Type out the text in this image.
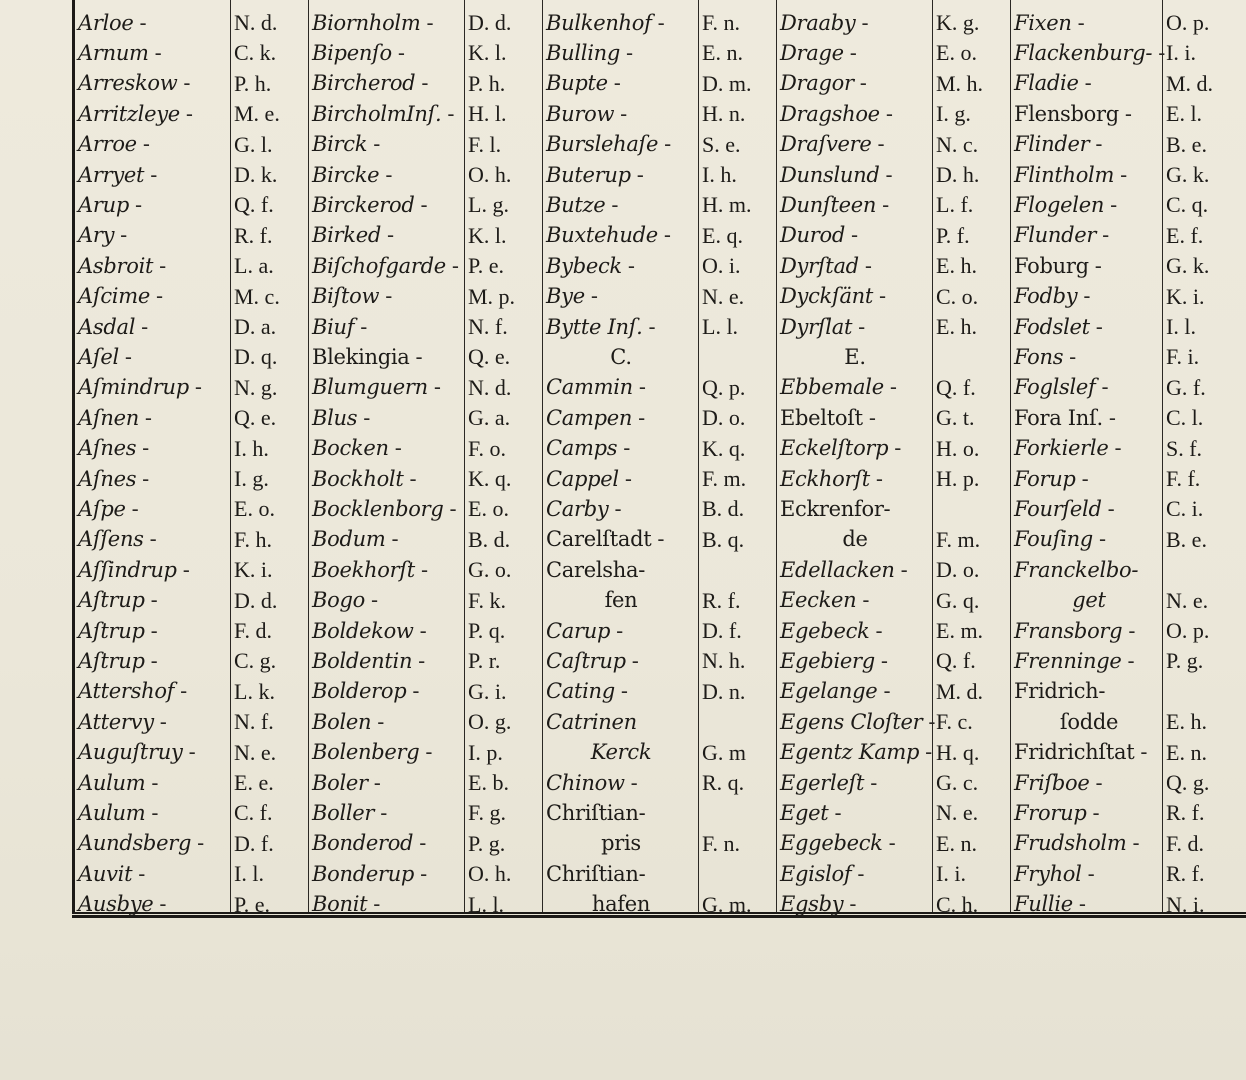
Arloe -	N. d.
Arnum -	C. k.
Arreskow - P. h.
Arritzleye - M. e.
Arroe -	G. l.
Arryet -	D. k.
Arup -	Q. f.
Ary -	R. f.
Asbroit -	L. a.
Aſcime -	M. c.
Asdal -	D. a.
Aſel -	D. q.
Aſmindrup - N. g.
Aſnen -	Q. e.
Aſnes -	I. h.
Aſnes -	I. g.
Aſpe -	E. o.
Aſſens -	F. h.
Aſſindrup - K. i.
Aſtrup -	D. d.
Aſtrup -	F. d.
Aſtrup -	C. g.
Attershof - L. k.
Attervy -	N. f.
Auguſtruy - N. e.
Aulum -	E. e.
Aulum -	C. f.
Aundsberg - D. f.
Auvit -	I. l.
Ausbye -	P. e.
Biornholm - D. d.
Bipenſo -	K. l.
Bircherod - P. h.
BircholmInſ. - H. l.
Birck -	F. l.
Bircke -	O. h.
Birckerod - L. g.
Birked -	K. l.
Biſchofgarde - P. e.
Biſtow -	M. p.
Biuf -	N. f.
Blekingia - Q. e.
Blumguern - N. d.
Blus -	G. a.
Bocken -	F. o.
Bockholt - K. q.
Bocklenborg - E. o.
Bodum -	B. d.
Boekhorſt - G. o.
Bogo -	F. k.
Boldekow - P. q.
Boldentin - P. r.
Bolderop - G. i.
Bolen -	O. g.
Bolenberg - I. p.
Boler -	E. b.
Boller -	F. g.
Bonderod - P. g.
Bonderup - O. h.
Bonit -	L. l.
Bulkenhof - F. n.
Bulling -	E. n.
Bupte -	D. m.
Burow -	H. n.
Burslehaſe - S. e.
Buterup -	I. h.
Butze -	H. m.
Buxtehude - E. q.
Bybeck -	O. i.
Bye -	N. e.
Bytte Inſ. - L. l.
C.
Cammin -	Q. p.
Campen -	D. o.
Camps -	K. q.
Cappel -	F. m.
Carby -	B. d.
Carelſtadt - B. q.
Carelsha-
fen	R. f.
Carup -	D. f.
Caſtrup -	N. h.
Cating -	D. n.
Catrinen
Kerck G. m
Chinow -	R. q.
Chriſtian-
pris	F. n.
Chriſtian-
hafen G. m.
Draaby -	K. g.
Drage -	E. o.
Dragor -	M. h.
Dragshoe - I. g.
Draſvere - N. c.
Dunslund - D. h.
Dunſteen - L. f.
Durod -	P. f.
Dyrſtad -	E. h.
Dyckſänt - C. o.
Dyrſlat -	E. h.
E.
Ebbemale - Q. f.
Ebeltoſt -	G. t.
Eckelſtorp - H. o.
Eckhorſt - H. p.
Eckrenfor-
de	F. m.
Edellacken - D. o.
Eecken -	G. q.
Egebeck - E. m.
Egebierg - Q. f.
Egelange - M. d.
Egens Cloſter - F. c.
Egentz Kamp - H. q.
Egerleſt -	G. c.
Eget -	N. e.
Eggebeck - E. n.
Egislof -	I. i.
Egsby -	C. h.
Fixen -	O. p.
Flackenburg- - I. i.
Fladie -	M. d.
Flensborg - E. l.
Flinder -	B. e.
Flintholm - G. k.
Flogelen - C. q.
Flunder -	E. f.
Foburg -	G. k.
Fodby -	K. i.
Fodslet -	I. l.
Fons -	F. i.
Foglslef -	G. f.
Fora Inſ. - C. l.
Forkierle - S. f.
Forup -	F. f.
Fourſeld - C. i.
Fouſing -	B. e.
Franckelbo-
get	N. e.
Fransborg - O. p.
Frenninge - P. g.
Fridrich-
ſodde E. h.
Fridrichſtat - E. n.
Friſboe -	Q. g.
Frorup -	R. f.
Frudsholm - F. d.
Fryhol -	R. f.
Fullie -	N. i.
